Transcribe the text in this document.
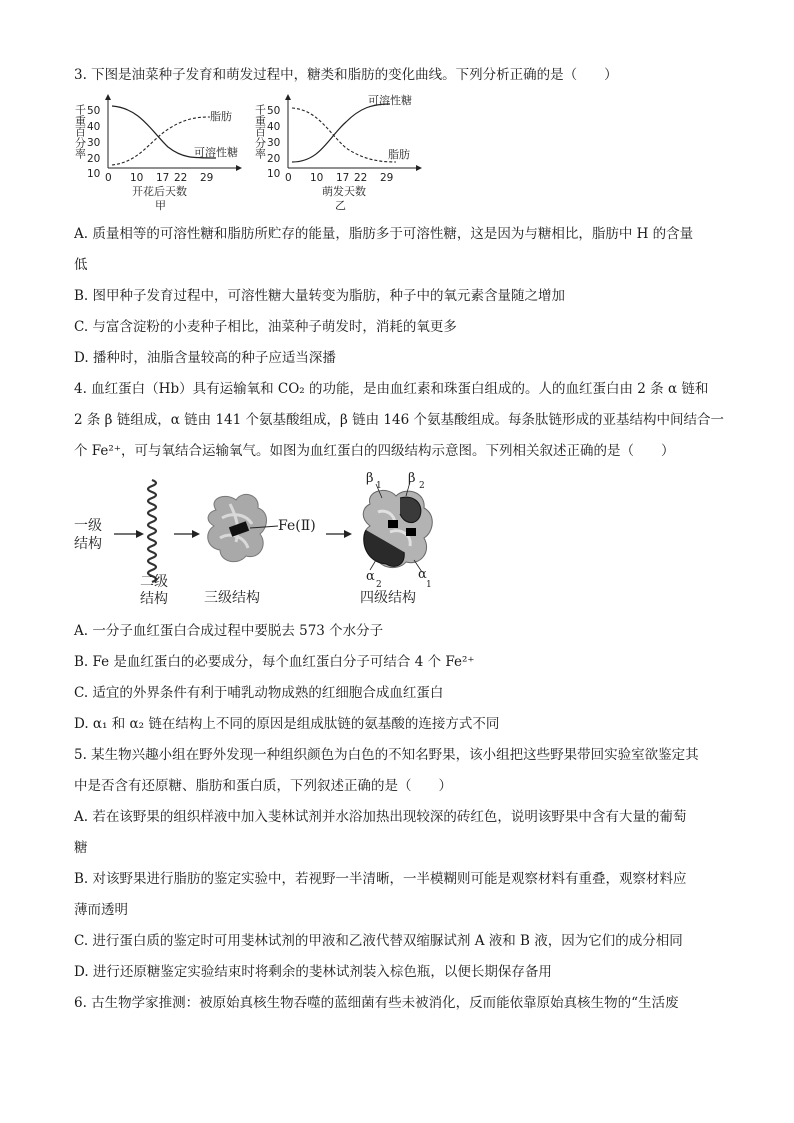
3. 下图是油菜种子发育和萌发过程中，糖类和脂肪的变化曲线。下列分析正确的是（　　）
千重百分率 50
40
30
20
10 0 10 17 22 29
脂肪
可溶性糖
开花后天数
甲
千重百分率 50
40
30
20
10 0 10 17 22 29
可溶性糖
脂肪
萌发天数
乙
A. 质量相等的可溶性糖和脂肪所贮存的能量，脂肪多于可溶性糖，这是因为与糖相比，脂肪中 H 的含量
低
B. 图甲种子发育过程中，可溶性糖大量转变为脂肪，种子中的氧元素含量随之增加
C. 与富含淀粉的小麦种子相比，油菜种子萌发时，消耗的氧更多
D. 播种时，油脂含量较高的种子应适当深播
4. 血红蛋白（Hb）具有运输氧和 CO₂ 的功能，是由血红素和珠蛋白组成的。人的血红蛋白由 2 条 α 链和
2 条 β 链组成，α 链由 141 个氨基酸组成，β 链由 146 个氨基酸组成。每条肽链形成的亚基结构中间结合一
个 Fe²⁺，可与氧结合运输氧气。如图为血红蛋白的四级结构示意图。下列相关叙述正确的是（　　）
一级
结构
二级
结构
Fe(Ⅱ)
三级结构
β 1 β 2
α
2
α
1
四级结构
A. 一分子血红蛋白合成过程中要脱去 573 个水分子
B. Fe 是血红蛋白的必要成分，每个血红蛋白分子可结合 4 个 Fe²⁺
C. 适宜的外界条件有利于哺乳动物成熟的红细胞合成血红蛋白
D. α₁ 和 α₂ 链在结构上不同的原因是组成肽链的氨基酸的连接方式不同
5. 某生物兴趣小组在野外发现一种组织颜色为白色的不知名野果，该小组把这些野果带回实验室欲鉴定其
中是否含有还原糖、脂肪和蛋白质，下列叙述正确的是（　　）
A. 若在该野果的组织样液中加入斐林试剂并水浴加热出现较深的砖红色，说明该野果中含有大量的葡萄
糖
B. 对该野果进行脂肪的鉴定实验中，若视野一半清晰，一半模糊则可能是观察材料有重叠，观察材料应
薄而透明
C. 进行蛋白质的鉴定时可用斐林试剂的甲液和乙液代替双缩脲试剂 A 液和 B 液，因为它们的成分相同
D. 进行还原糖鉴定实验结束时将剩余的斐林试剂装入棕色瓶，以便长期保存备用
6. 古生物学家推测：被原始真核生物吞噬的蓝细菌有些未被消化，反而能依靠原始真核生物的“生活废
